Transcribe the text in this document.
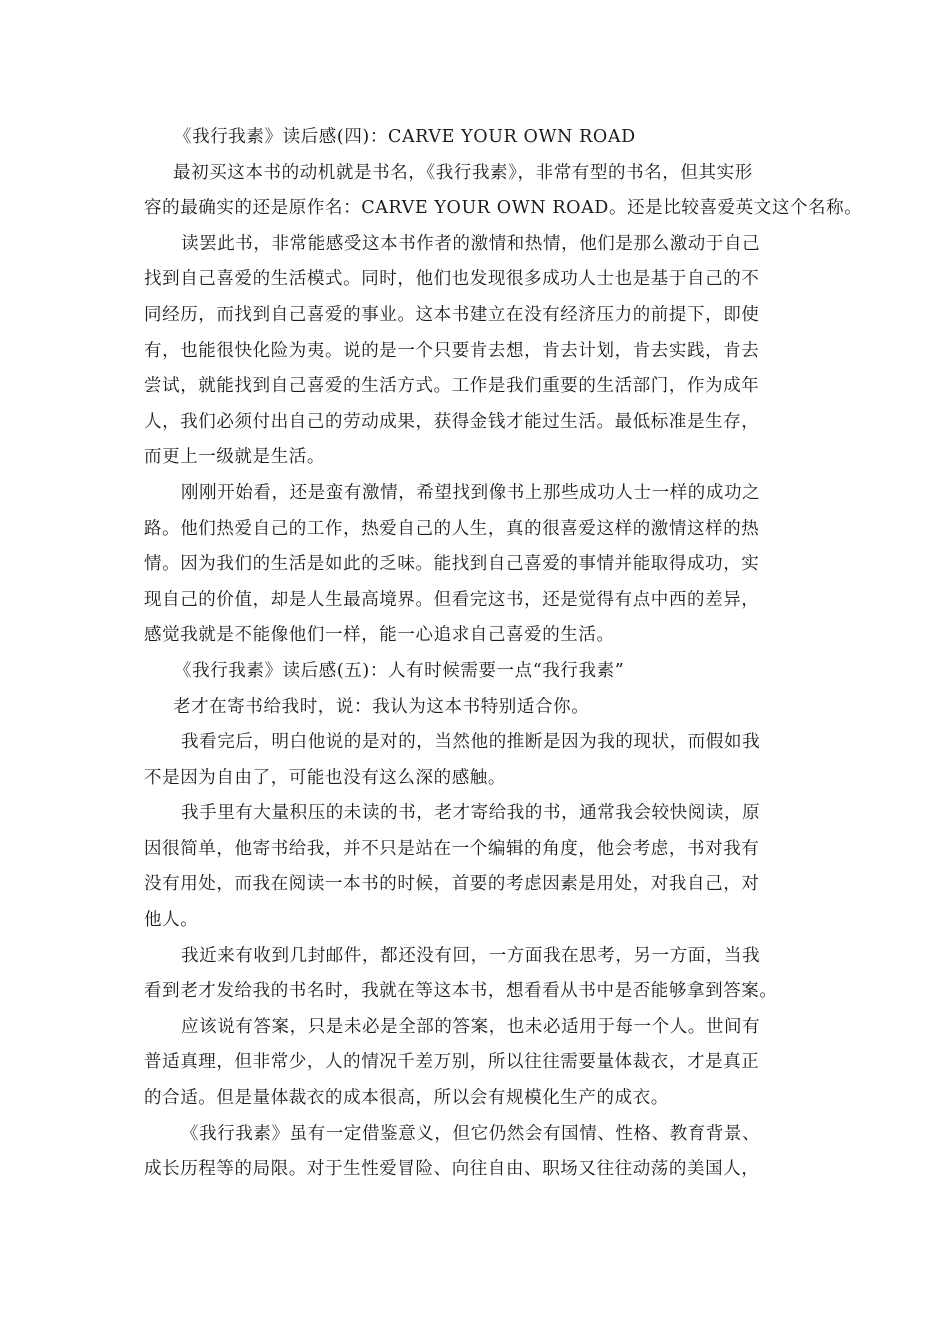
《我行我素》读后感(四)：CARVE YOUR OWN ROAD
最初买这本书的动机就是书名，《我行我素》，非常有型的书名，但其实形
容的最确实的还是原作名：CARVE YOUR OWN ROAD。还是比较喜爱英文这个名称。
读罢此书，非常能感受这本书作者的激情和热情，他们是那么激动于自己
找到自己喜爱的生活模式。同时，他们也发现很多成功人士也是基于自己的不
同经历，而找到自己喜爱的事业。这本书建立在没有经济压力的前提下，即使
有，也能很快化险为夷。说的是一个只要肯去想，肯去计划，肯去实践，肯去
尝试，就能找到自己喜爱的生活方式。工作是我们重要的生活部门，作为成年
人，我们必须付出自己的劳动成果，获得金钱才能过生活。最低标准是生存，
而更上一级就是生活。
刚刚开始看，还是蛮有激情，希望找到像书上那些成功人士一样的成功之
路。他们热爱自己的工作，热爱自己的人生，真的很喜爱这样的激情这样的热
情。因为我们的生活是如此的乏味。能找到自己喜爱的事情并能取得成功，实
现自己的价值，却是人生最高境界。但看完这书，还是觉得有点中西的差异，
感觉我就是不能像他们一样，能一心追求自己喜爱的生活。
《我行我素》读后感(五)：人有时候需要一点“我行我素”
老才在寄书给我时，说：我认为这本书特别适合你。
我看完后，明白他说的是对的，当然他的推断是因为我的现状，而假如我
不是因为自由了，可能也没有这么深的感触。
我手里有大量积压的未读的书，老才寄给我的书，通常我会较快阅读，原
因很简单，他寄书给我，并不只是站在一个编辑的角度，他会考虑，书对我有
没有用处，而我在阅读一本书的时候，首要的考虑因素是用处，对我自己，对
他人。
我近来有收到几封邮件，都还没有回，一方面我在思考，另一方面，当我
看到老才发给我的书名时，我就在等这本书，想看看从书中是否能够拿到答案。
应该说有答案，只是未必是全部的答案，也未必适用于每一个人。世间有
普适真理，但非常少，人的情况千差万别，所以往往需要量体裁衣，才是真正
的合适。但是量体裁衣的成本很高，所以会有规模化生产的成衣。
《我行我素》虽有一定借鉴意义，但它仍然会有国情、性格、教育背景、
成长历程等的局限。对于生性爱冒险、向往自由、职场又往往动荡的美国人，
